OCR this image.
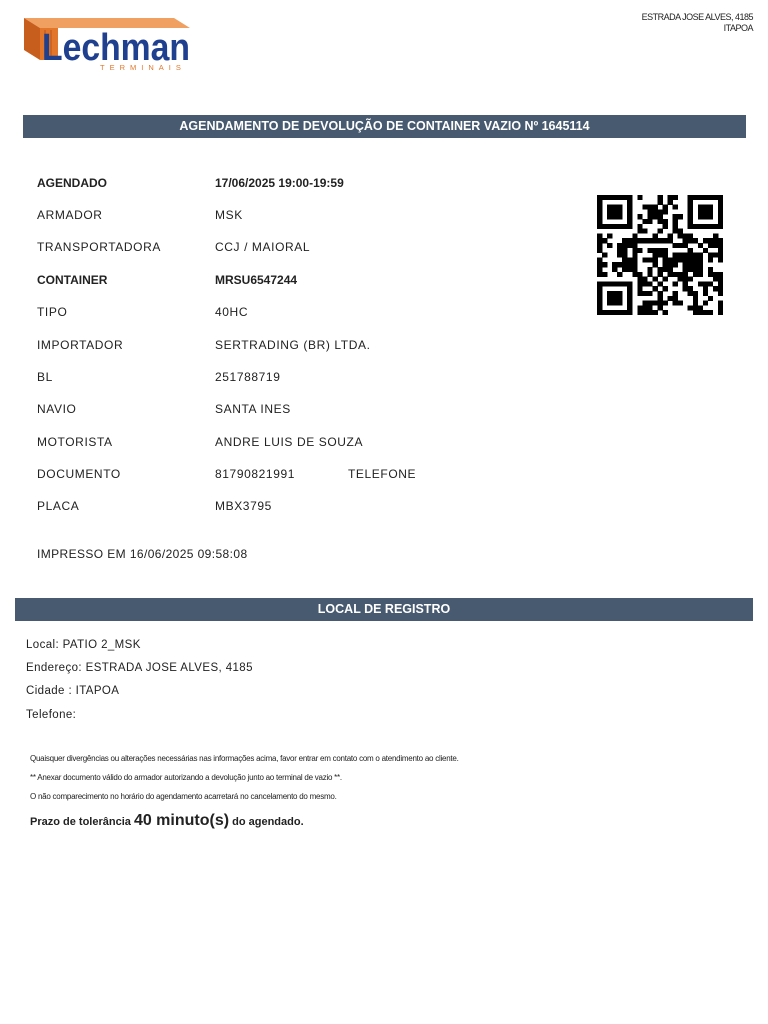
Lechman
TERMINAIS
ESTRADA JOSE ALVES, 4185
ITAPOA
AGENDAMENTO DE DEVOLUÇÃO DE CONTAINER VAZIO Nº 1645114
AGENDADO	17/06/2025 19:00-19:59
ARMADOR	MSK
TRANSPORTADORA	CCJ / MAIORAL
CONTAINER	MRSU6547244
TIPO	40HC
IMPORTADOR	SERTRADING (BR) LTDA.
BL	251788719
NAVIO	SANTA INES
MOTORISTA	ANDRE LUIS DE SOUZA
DOCUMENTO	81790821991	TELEFONE
PLACA	MBX3795
IMPRESSO EM 16/06/2025 09:58:08
LOCAL DE REGISTRO
Local: PATIO 2_MSK
Endereço: ESTRADA JOSE ALVES, 4185
Cidade : ITAPOA
Telefone:
Quaisquer divergências ou alterações necessárias nas informações acima, favor entrar em contato com o atendimento ao cliente.
** Anexar documento válido do armador autorizando a devolução junto ao terminal de vazio **.
O não comparecimento no horário do agendamento acarretará no cancelamento do mesmo.
Prazo de tolerância 40 minuto(s) do agendado.
